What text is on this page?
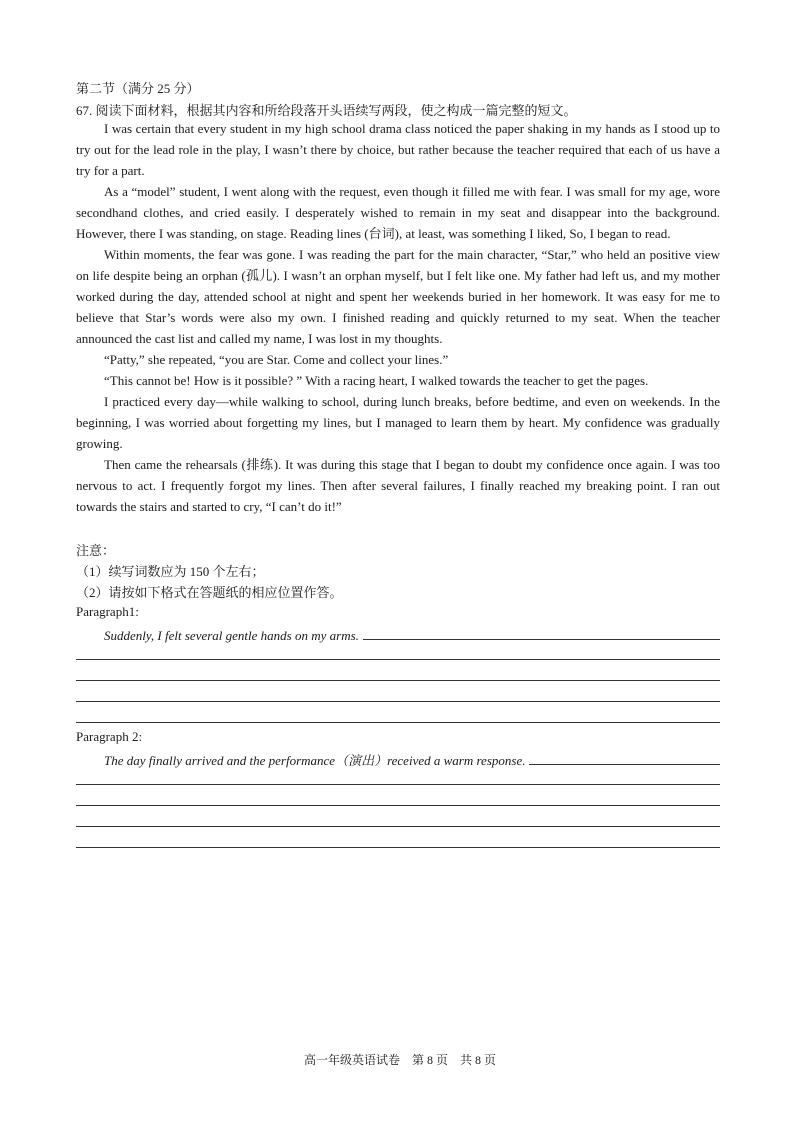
第二节（满分 25 分）
67. 阅读下面材料，根据其内容和所给段落开头语续写两段，使之构成一篇完整的短文。

I was certain that every student in my high school drama class noticed the paper shaking in my hands as I stood up to try out for the lead role in the play, I wasn’t there by choice, but rather because the teacher required that each of us have a try for a part.

As a “model” student, I went along with the request, even though it filled me with fear. I was small for my age, wore secondhand clothes, and cried easily. I desperately wished to remain in my seat and disappear into the background. However, there I was standing, on stage. Reading lines (台词), at least, was something I liked, So, I began to read.

Within moments, the fear was gone. I was reading the part for the main character, “Star,” who held an positive view on life despite being an orphan (孤儿). I wasn’t an orphan myself, but I felt like one. My father had left us, and my mother worked during the day, attended school at night and spent her weekends buried in her homework. It was easy for me to believe that Star’s words were also my own. I finished reading and quickly returned to my seat. When the teacher announced the cast list and called my name, I was lost in my thoughts.

“Patty,” she repeated, “you are Star. Come and collect your lines.”

“This cannot be! How is it possible? ” With a racing heart, I walked towards the teacher to get the pages.

I practiced every day—while walking to school, during lunch breaks, before bedtime, and even on weekends. In the beginning, I was worried about forgetting my lines, but I managed to learn them by heart. My confidence was gradually growing.

Then came the rehearsals (排练). It was during this stage that I began to doubt my confidence once again. I was too nervous to act. I frequently forgot my lines. Then after several failures, I finally reached my breaking point. I ran out towards the stairs and started to cry, “I can’t do it!”

注意：
（1）续写词数应为 150 个左右；
（2）请按如下格式在答题纸的相应位置作答。
Paragraph1:
Suddenly, I felt several gentle hands on my arms.
Paragraph 2:
The day finally arrived and the performance（演出）received a warm response.
高一年级英语试卷　第 8 页　共 8 页
